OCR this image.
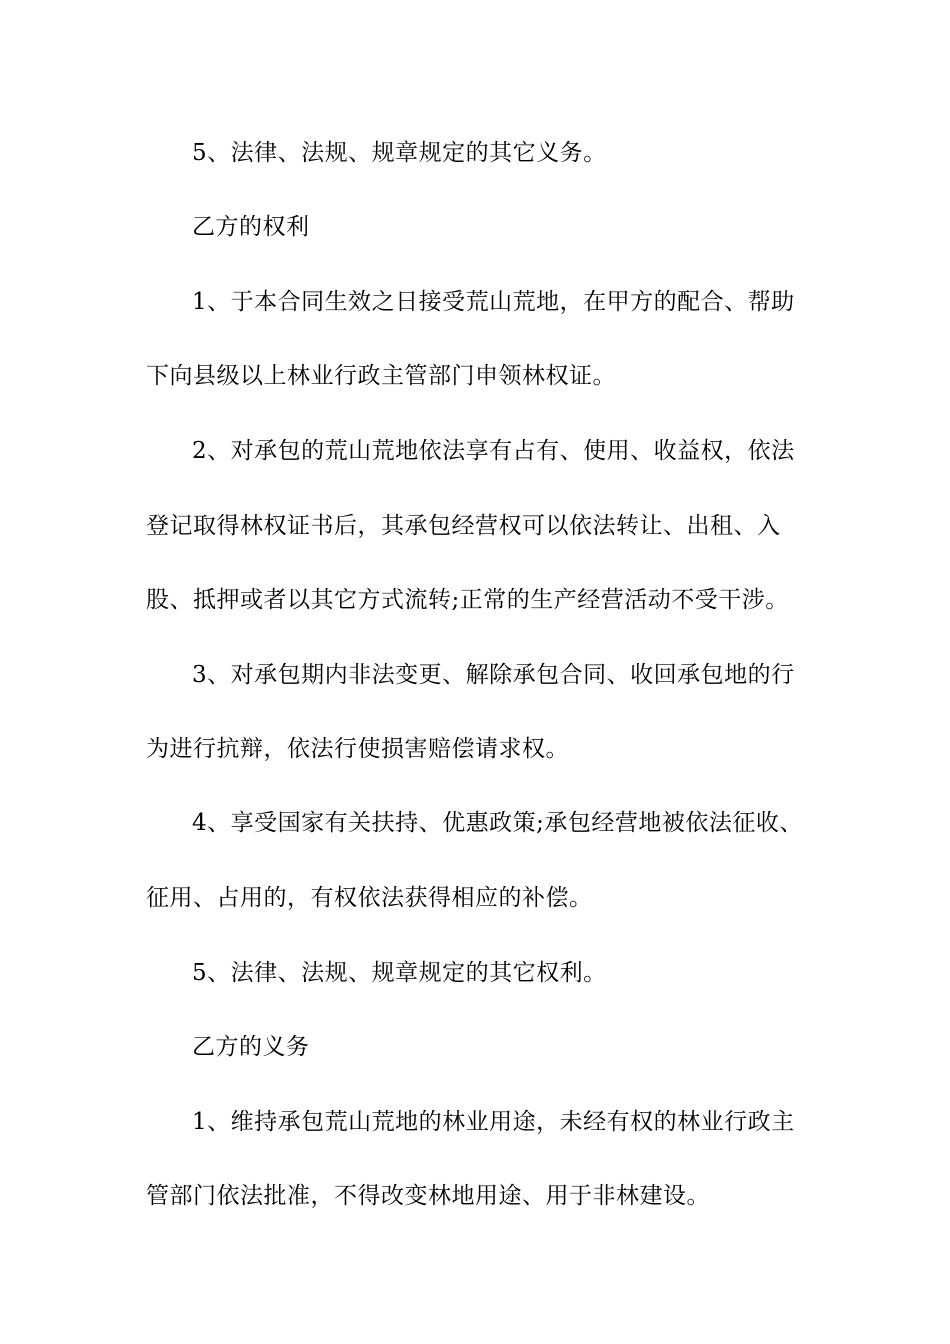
5、法律、法规、规章规定的其它义务。
乙方的权利
1、于本合同生效之日接受荒山荒地，在甲方的配合、帮助
下向县级以上林业行政主管部门申领林权证。
2、对承包的荒山荒地依法享有占有、使用、收益权，依法
登记取得林权证书后，其承包经营权可以依法转让、出租、入
股、抵押或者以其它方式流转;正常的生产经营活动不受干涉。
3、对承包期内非法变更、解除承包合同、收回承包地的行
为进行抗辩，依法行使损害赔偿请求权。
4、享受国家有关扶持、优惠政策;承包经营地被依法征收、
征用、占用的，有权依法获得相应的补偿。
5、法律、法规、规章规定的其它权利。
乙方的义务
1、维持承包荒山荒地的林业用途，未经有权的林业行政主
管部门依法批准，不得改变林地用途、用于非林建设。
